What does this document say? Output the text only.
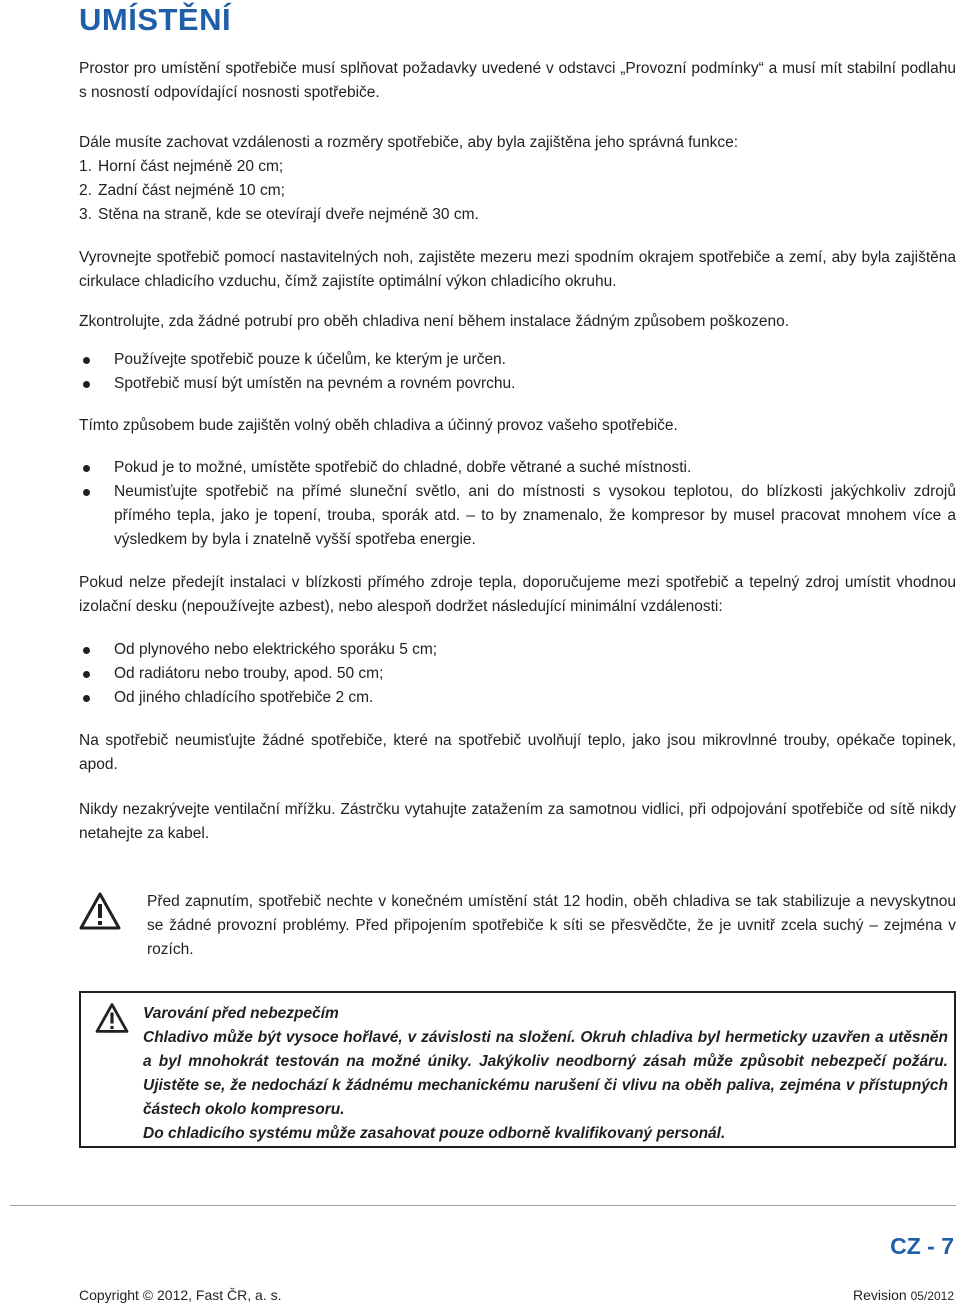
UMÍSTĚNÍ

Prostor pro umístění spotřebiče musí splňovat požadavky uvedené v odstavci „Provozní podmínky“ a musí mít stabilní podlahu s nosností odpovídající nosnosti spotřebiče.

Dále musíte zachovat vzdálenosti a rozměry spotřebiče, aby byla zajištěna jeho správná funkce:

1. Horní část nejméně 20 cm;
2. Zadní část nejméně 10 cm;
3. Stěna na straně, kde se otevírají dveře nejméně 30 cm.

Vyrovnejte spotřebič pomocí nastavitelných noh, zajistěte mezeru mezi spodním okrajem spotřebiče a zemí, aby byla zajištěna cirkulace chladicího vzduchu, čímž zajistíte optimální výkon chladicího okruhu.

Zkontrolujte, zda žádné potrubí pro oběh chladiva není během instalace žádným způsobem poškozeno.

Používejte spotřebič pouze k účelům, ke kterým je určen.
Spotřebič musí být umístěn na pevném a rovném povrchu.

Tímto způsobem bude zajištěn volný oběh chladiva a účinný provoz vašeho spotřebiče.

Pokud je to možné, umístěte spotřebič do chladné, dobře větrané a suché místnosti.
Neumisťujte spotřebič na přímé sluneční světlo, ani do místnosti s vysokou teplotou, do blízkosti jakýchkoliv zdrojů přímého tepla, jako je topení, trouba, sporák atd. – to by znamenalo, že kompresor by musel pracovat mnohem více a výsledkem by byla i znatelně vyšší spotřeba energie.

Pokud nelze předejít instalaci v blízkosti přímého zdroje tepla, doporučujeme mezi spotřebič a tepelný zdroj umístit vhodnou izolační desku (nepoužívejte azbest), nebo alespoň dodržet následující minimální vzdálenosti:

Od plynového nebo elektrického sporáku 5 cm;
Od radiátoru nebo trouby, apod. 50 cm;
Od jiného chladícího spotřebiče 2 cm.

Na spotřebič neumisťujte žádné spotřebiče, které na spotřebič uvolňují teplo, jako jsou mikrovlnné trouby, opékače topinek, apod.

Nikdy nezakrývejte ventilační mřížku. Zástrčku vytahujte zatažením za samotnou vidlici, při odpojování spotřebiče od sítě nikdy netahejte za kabel.

Před zapnutím, spotřebič nechte v konečném umístění stát 12 hodin, oběh chladiva se tak stabilizuje a nevyskytnou se žádné provozní problémy. Před připojením spotřebiče k síti se přesvědčte, že je uvnitř zcela suchý – zejména v rozích.

Varování před nebezpečím

Chladivo může být vysoce hořlavé, v závislosti na složení. Okruh chladiva byl hermeticky uzavřen a utěsněn a byl mnohokrát testován na možné úniky. Jakýkoliv neodborný zásah může způsobit nebezpečí požáru. Ujistěte se, že nedochází k žádnému mechanickému narušení či vlivu na oběh paliva, zejména v přístupných částech okolo kompresoru.

Do chladicího systému může zasahovat pouze odborně kvalifikovaný personál.

CZ - 7
Copyright © 2012, Fast ČR, a. s.	Revision 05/2012
